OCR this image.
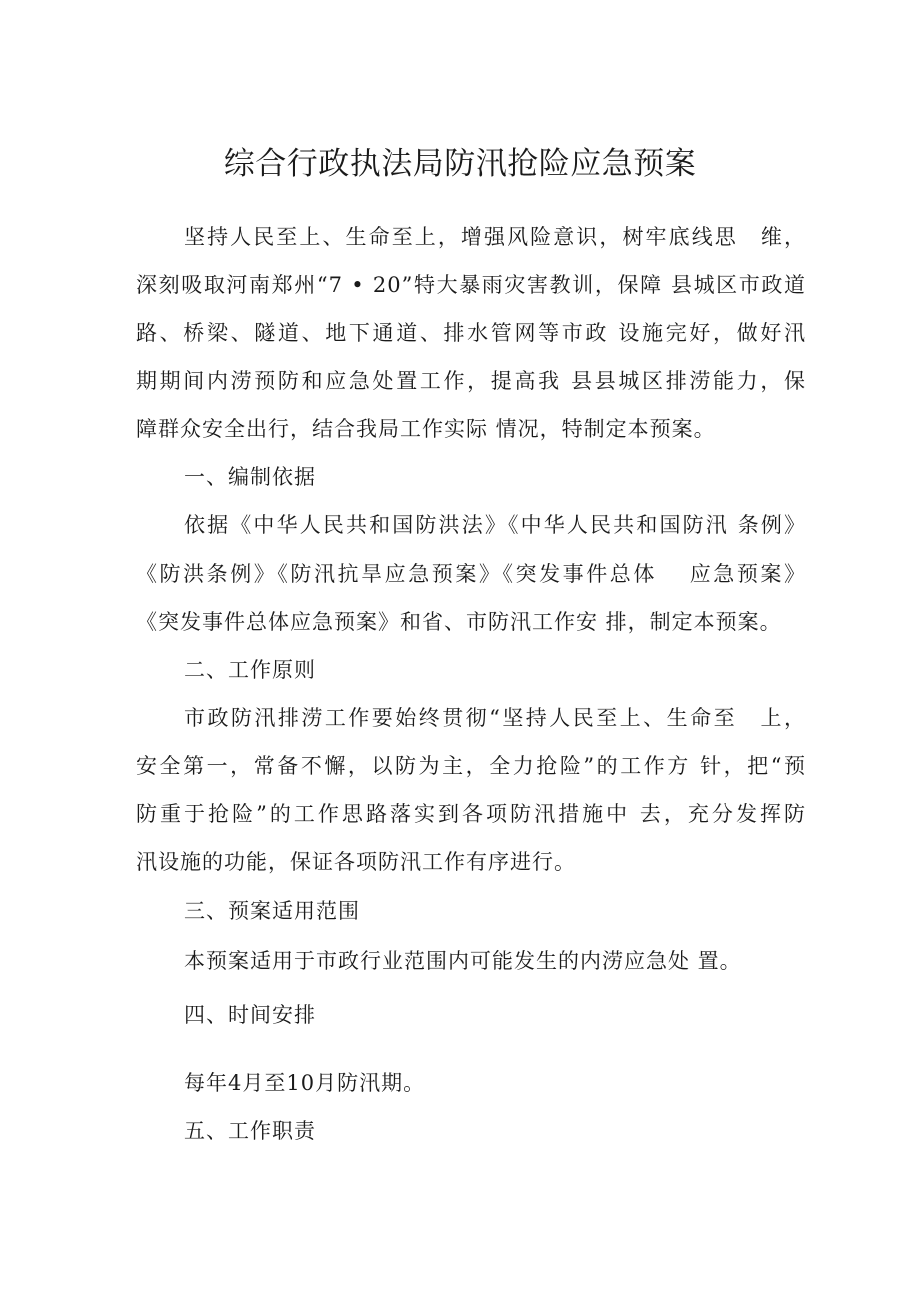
综合行政执法局防汛抢险应急预案
坚持人民至上、生命至上，增强风险意识，树牢底线思　维，
深刻吸取河南郑州“7 • 20”特大暴雨灾害教训，保障 县城区市政道
路、桥梁、隧道、地下通道、排水管网等市政 设施完好，做好汛
期期间内涝预防和应急处置工作，提高我 县县城区排涝能力，保
障群众安全出行，结合我局工作实际 情况，特制定本预案。
一、编制依据
依据《中华人民共和国防洪法》《中华人民共和国防汛 条例》
《防洪条例》《防汛抗旱应急预案》《突发事件总体　 应急预案》
《突发事件总体应急预案》和省、市防汛工作安 排，制定本预案。
二、工作原则
市政防汛排涝工作要始终贯彻“坚持人民至上、生命至　上，
安全第一，常备不懈，以防为主，全力抢险”的工作方 针，把“预
防重于抢险”的工作思路落实到各项防汛措施中 去，充分发挥防
汛设施的功能，保证各项防汛工作有序进行。
三、预案适用范围
本预案适用于市政行业范围内可能发生的内涝应急处 置。
四、时间安排
每年4月至10月防汛期。
五、工作职责
